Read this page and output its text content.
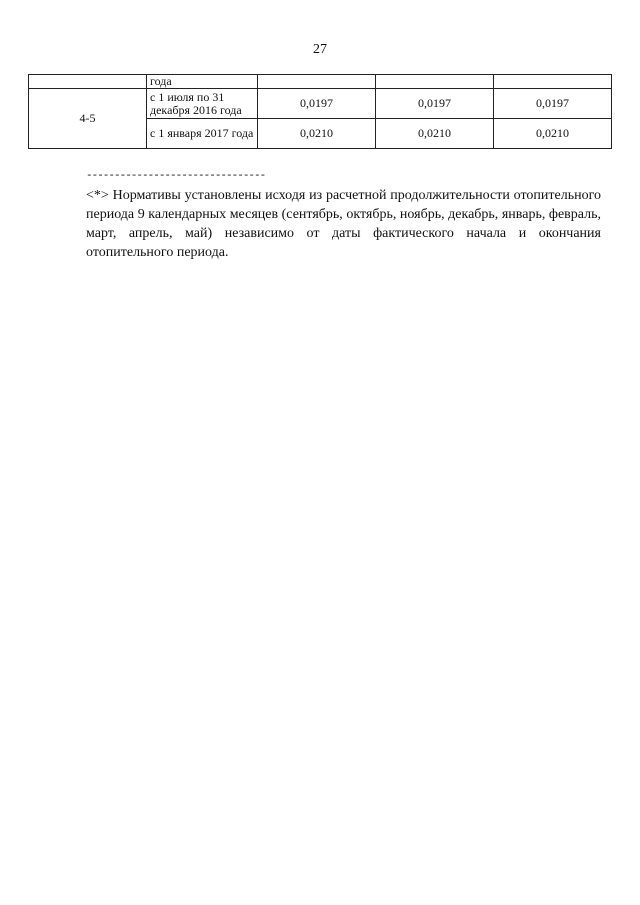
27
	года			
4-5	с 1 июля по 31 декабря 2016 года	0,0197	0,0197	0,0197
	с 1 января 2017 года	0,0210	0,0210	0,0210
--------------------------------
<*> Нормативы установлены исходя из расчетной продолжительности отопительного периода 9 календарных месяцев (сентябрь, октябрь, ноябрь, декабрь, январь, февраль, март, апрель, май) независимо от даты фактического начала и окончания отопительного периода.
